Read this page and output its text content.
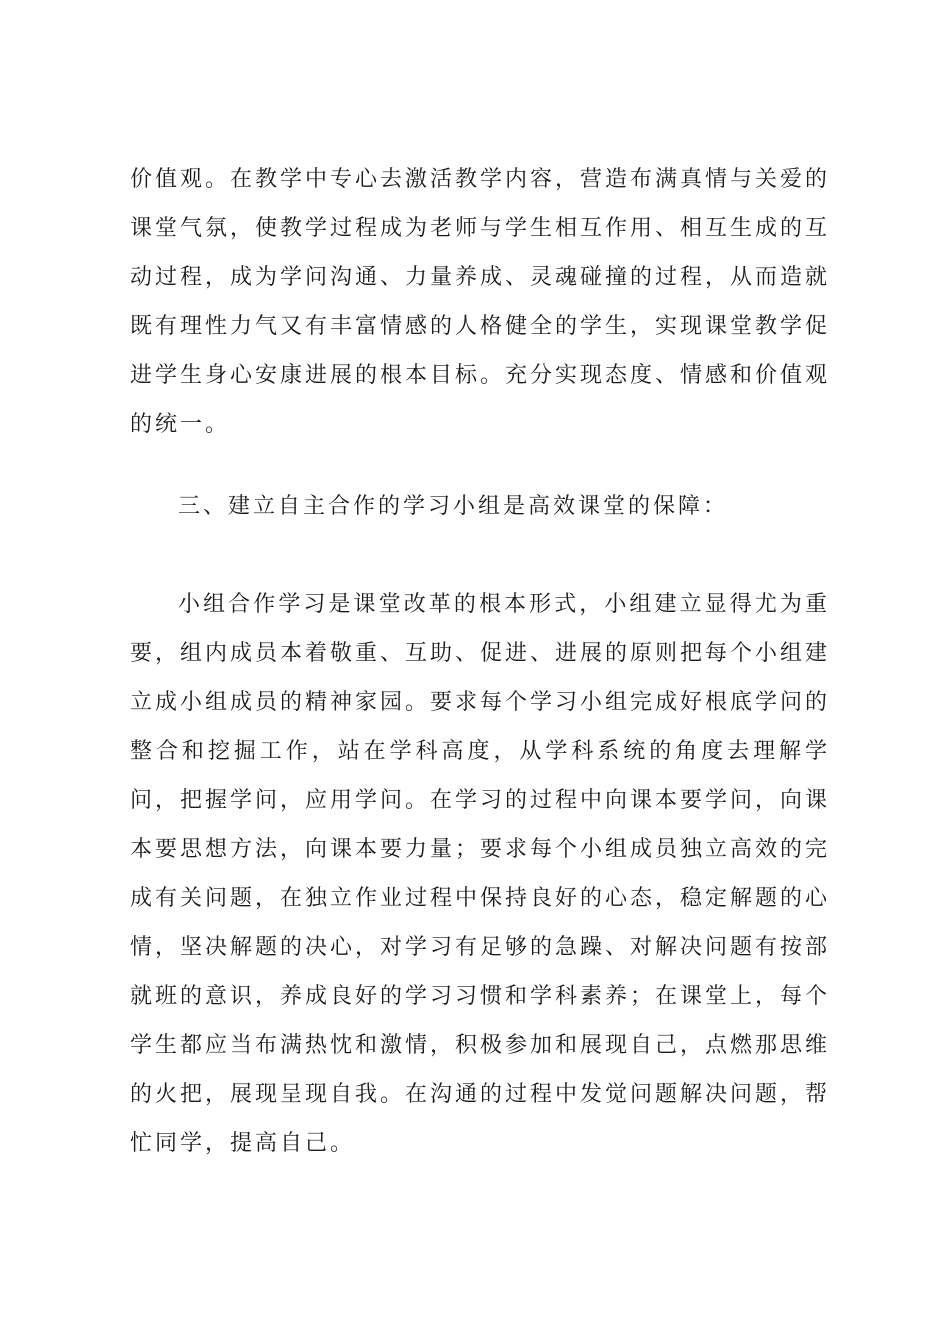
价值观。在教学中专心去激活教学内容，营造布满真情与关爱的课堂气氛，使教学过程成为老师与学生相互作用、相互生成的互动过程，成为学问沟通、力量养成、灵魂碰撞的过程，从而造就既有理性力气又有丰富情感的人格健全的学生，实现课堂教学促进学生身心安康进展的根本目标。充分实现态度、情感和价值观的统一。

三、建立自主合作的学习小组是高效课堂的保障：

小组合作学习是课堂改革的根本形式，小组建立显得尤为重要，组内成员本着敬重、互助、促进、进展的原则把每个小组建立成小组成员的精神家园。要求每个学习小组完成好根底学问的整合和挖掘工作，站在学科高度，从学科系统的角度去理解学问，把握学问，应用学问。在学习的过程中向课本要学问，向课本要思想方法，向课本要力量；要求每个小组成员独立高效的完成有关问题，在独立作业过程中保持良好的心态，稳定解题的心情，坚决解题的决心，对学习有足够的急躁、对解决问题有按部就班的意识，养成良好的学习习惯和学科素养；在课堂上，每个学生都应当布满热忱和激情，积极参加和展现自己，点燃那思维的火把，展现呈现自我。在沟通的过程中发觉问题解决问题，帮忙同学，提高自己。
